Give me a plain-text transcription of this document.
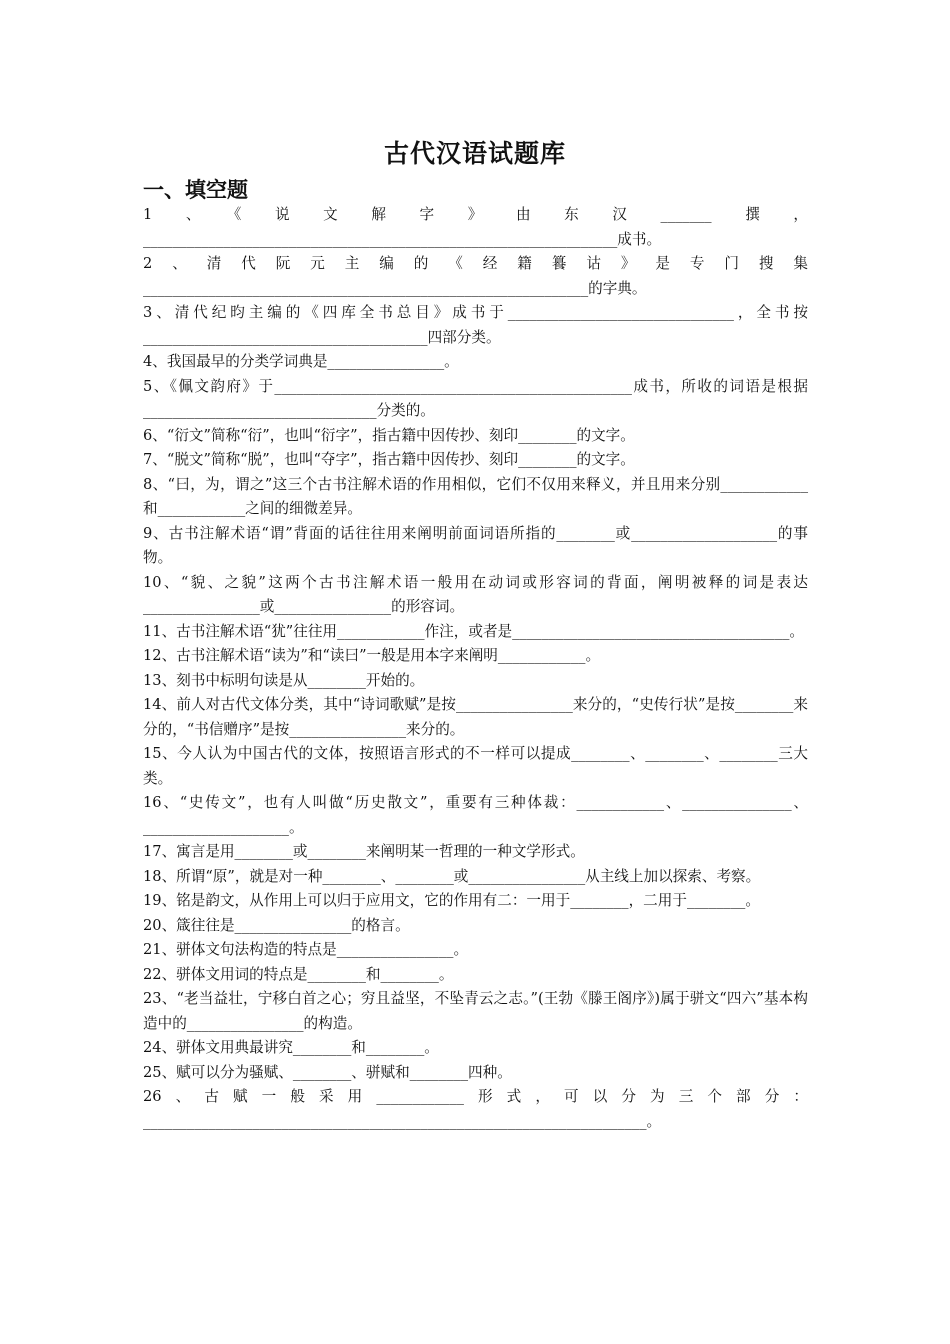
古代汉语试题库
一、填空题

1、《说文解字》由东汉_______撰，_________________________________________________________________成书。

2、清代阮元主编的《经籍籑诂》是专门搜集_____________________________________________________________的字典。

3、清代纪昀主编的《四库全书总目》成书于_______________________________，全书按_______________________________________四部分类。

4、我国最早的分类学词典是________________。

5、《佩文韵府》于_________________________________________________成书，所收的词语是根据________________________________分类的。

6、“衍文”简称“衍”，也叫“衍字”，指古籍中因传抄、刻印________的文字。

7、“脱文”简称“脱”，也叫“夺字”，指古籍中因传抄、刻印________的文字。

8、“曰，为，谓之”这三个古书注解术语的作用相似，它们不仅用来释义，并且用来分别____________和____________之间的细微差异。

9、古书注解术语“谓”背面的话往往用来阐明前面词语所指的________或____________________的事物。

10、“貌、之貌”这两个古书注解术语一般用在动词或形容词的背面，阐明被释的词是表达________________或________________的形容词。

11、古书注解术语“犹”往往用____________作注，或者是______________________________________。

12、古书注解术语“读为”和“读曰”一般是用本字来阐明____________。

13、刻书中标明句读是从________开始的。

14、前人对古代文体分类，其中“诗词歌赋”是按________________来分的，“史传行状”是按________来分的，“书信赠序”是按________________来分的。

15、今人认为中国古代的文体，按照语言形式的不一样可以提成________、________、________三大类。

16、“史传文”，也有人叫做“历史散文”，重要有三种体裁：____________、_______________、____________________。

17、寓言是用________或________来阐明某一哲理的一种文学形式。

18、所谓“原”，就是对一种________、________或________________从主线上加以探索、考察。

19、铭是韵文，从作用上可以归于应用文，它的作用有二：一用于________，二用于________。

20、箴往往是________________的格言。

21、骈体文句法构造的特点是________________。

22、骈体文用词的特点是________和________。

23、“老当益壮，宁移白首之心；穷且益坚，不坠青云之志。”(王勃《滕王阁序》)属于骈文“四六”基本构造中的________________的构造。

24、骈体文用典最讲究________和________。

25、赋可以分为骚赋、________、骈赋和________四种。

26、古赋一般采用____________形式，可以分为三个部分：_____________________________________________________________________。
